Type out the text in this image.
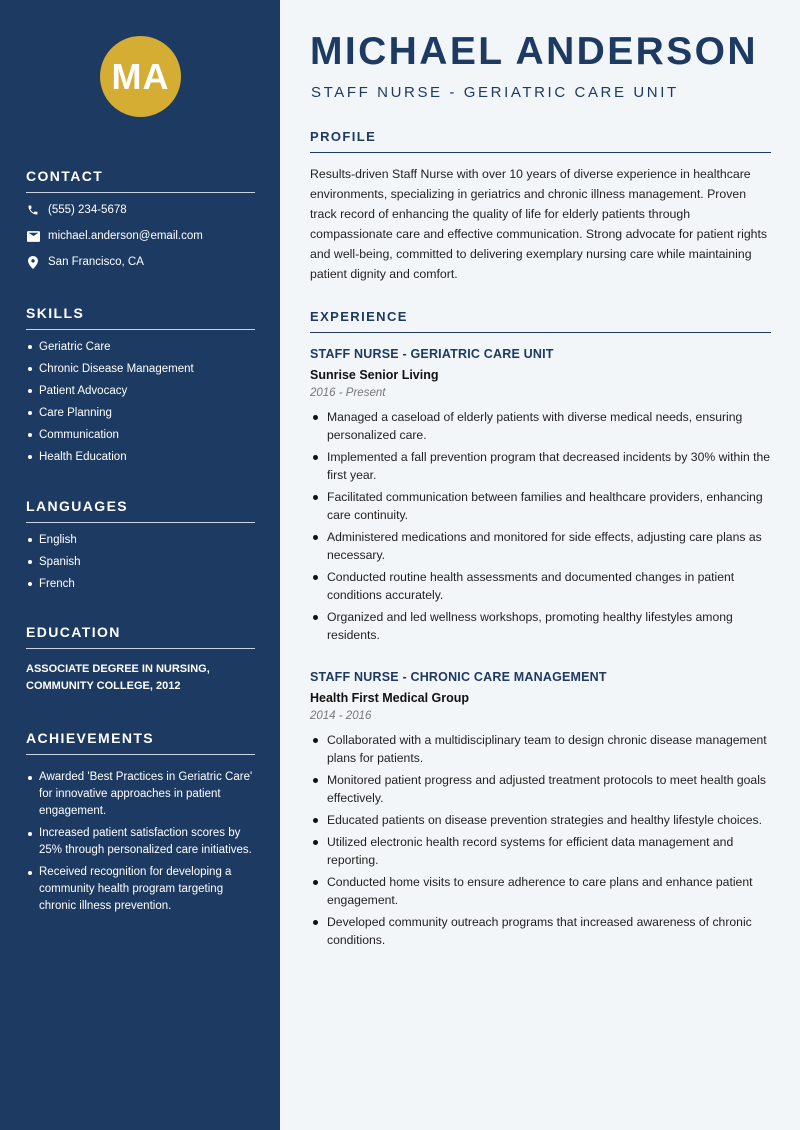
MA
CONTACT
(555) 234-5678
michael.anderson@email.com
San Francisco, CA
SKILLS
Geriatric Care
Chronic Disease Management
Patient Advocacy
Care Planning
Communication
Health Education
LANGUAGES
English
Spanish
French
EDUCATION
ASSOCIATE DEGREE IN NURSING,
COMMUNITY COLLEGE, 2012
ACHIEVEMENTS
Awarded 'Best Practices in Geriatric Care' for innovative approaches in patient engagement.
Increased patient satisfaction scores by 25% through personalized care initiatives.
Received recognition for developing a community health program targeting chronic illness prevention.
MICHAEL ANDERSON
STAFF NURSE - GERIATRIC CARE UNIT
PROFILE
Results-driven Staff Nurse with over 10 years of diverse experience in healthcare environments, specializing in geriatrics and chronic illness management. Proven track record of enhancing the quality of life for elderly patients through compassionate care and effective communication. Strong advocate for patient rights and well-being, committed to delivering exemplary nursing care while maintaining patient dignity and comfort.
EXPERIENCE
STAFF NURSE - GERIATRIC CARE UNIT
Sunrise Senior Living
2016 - Present
Managed a caseload of elderly patients with diverse medical needs, ensuring personalized care.
Implemented a fall prevention program that decreased incidents by 30% within the first year.
Facilitated communication between families and healthcare providers, enhancing care continuity.
Administered medications and monitored for side effects, adjusting care plans as necessary.
Conducted routine health assessments and documented changes in patient conditions accurately.
Organized and led wellness workshops, promoting healthy lifestyles among residents.
STAFF NURSE - CHRONIC CARE MANAGEMENT
Health First Medical Group
2014 - 2016
Collaborated with a multidisciplinary team to design chronic disease management plans for patients.
Monitored patient progress and adjusted treatment protocols to meet health goals effectively.
Educated patients on disease prevention strategies and healthy lifestyle choices.
Utilized electronic health record systems for efficient data management and reporting.
Conducted home visits to ensure adherence to care plans and enhance patient engagement.
Developed community outreach programs that increased awareness of chronic conditions.
